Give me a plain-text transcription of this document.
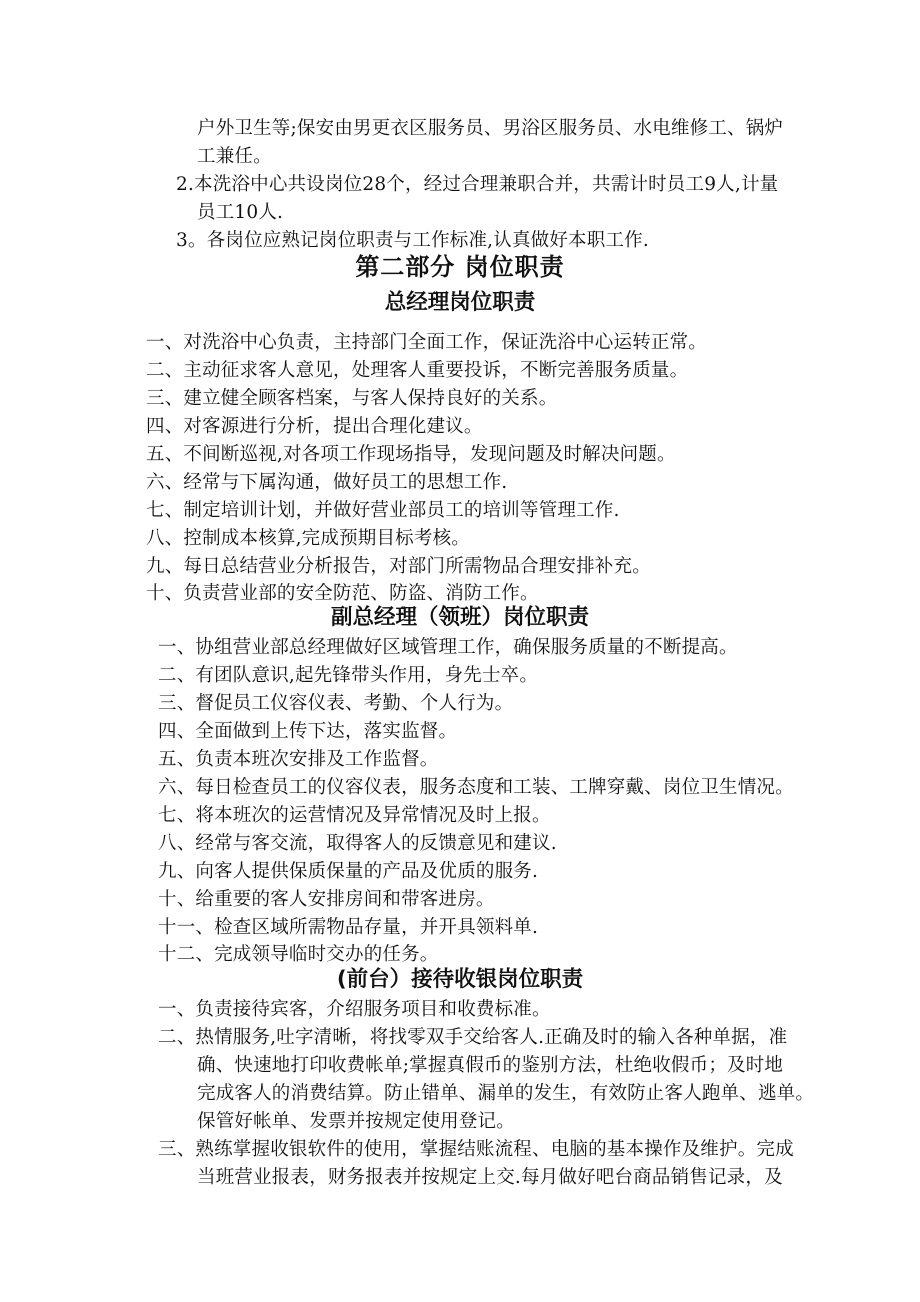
户外卫生等;保安由男更衣区服务员、男浴区服务员、水电维修工、锅炉
工兼任。
2.本洗浴中心共设岗位28个，经过合理兼职合并，共需计时员工9人,计量
员工10人.
3。各岗位应熟记岗位职责与工作标准,认真做好本职工作.
第二部分 岗位职责
总经理岗位职责
一、对洗浴中心负责，主持部门全面工作，保证洗浴中心运转正常。
二、主动征求客人意见，处理客人重要投诉，不断完善服务质量。
三、建立健全顾客档案，与客人保持良好的关系。
四、对客源进行分析，提出合理化建议。
五、不间断巡视,对各项工作现场指导，发现问题及时解决问题。
六、经常与下属沟通，做好员工的思想工作.
七、制定培训计划，并做好营业部员工的培训等管理工作.
八、控制成本核算,完成预期目标考核。
九、每日总结营业分析报告，对部门所需物品合理安排补充。
十、负责营业部的安全防范、防盗、消防工作。
副总经理（领班）岗位职责
一、协组营业部总经理做好区域管理工作，确保服务质量的不断提高。
二、有团队意识,起先锋带头作用，身先士卒。
三、督促员工仪容仪表、考勤、个人行为。
四、全面做到上传下达，落实监督。
五、负责本班次安排及工作监督。
六、每日检查员工的仪容仪表，服务态度和工装、工牌穿戴、岗位卫生情况。
七、将本班次的运营情况及异常情况及时上报。
八、经常与客交流，取得客人的反馈意见和建议.
九、向客人提供保质保量的产品及优质的服务.
十、给重要的客人安排房间和带客进房。
十一、检查区域所需物品存量，并开具领料单.
十二、完成领导临时交办的任务。
(前台）接待收银岗位职责
一、负责接待宾客，介绍服务项目和收费标准。
二、热情服务,吐字清晰，将找零双手交给客人.正确及时的输入各种单据，准
确、快速地打印收费帐单;掌握真假币的鉴别方法，杜绝收假币；及时地
完成客人的消费结算。防止错单、漏单的发生，有效防止客人跑单、逃单。
保管好帐单、发票并按规定使用登记。
三、熟练掌握收银软件的使用，掌握结账流程、电脑的基本操作及维护。完成
当班营业报表，财务报表并按规定上交.每月做好吧台商品销售记录，及
